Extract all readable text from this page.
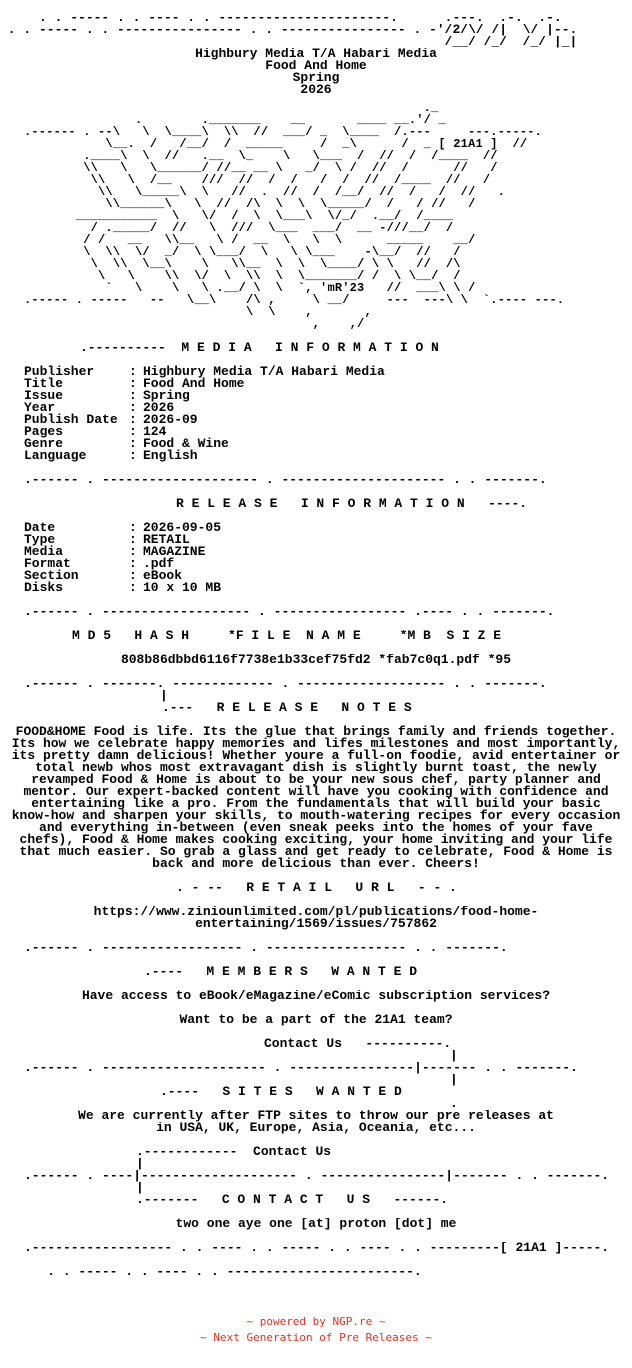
. . ----- . . ---- . . ----------------------.      .---.  .-.  .-.
. . ----- . . ---------------- . . ---------------- . -'/2/\/ /|  \/ |--.
/__/ /_/  /_/ |_|
Highbury Media T/A Habari Media
Food And Home
Spring
2026
._
.        ._______    __       ____ __.'/ _
.------ . --\   \  \____\  \\  //  ___/ _  \____  /.---     ---.-----.
\__.  /   /__/  /  _____     /  _\      /  _ [ 21A1 ]  //
.____\  \  //   .__  \_    \   \___  /  //  /  /____  //
\\   \   \______/ //__ __ \   _/  \ /  //  /      //   /
\\   \  /__    ///  //  /  /   /  /  //  /____  //   /
\\   \_____\  \   //  .  //  /  /__/  //  /   /  //   .
\\______\   \  //  /\  \  \  \_____/  /   / //   /
___________  \   \/  /  \  \___\  \/_/  .__/  /____
/ ._____/  //   \  ///  \___  ___/  __ -///__/  /
/ /   __   \\__   \ /  __  \   \  \      _____    __/
\  \\  \/  _/  \ \___/  \   \ \___    -\__/  //   /
\  \\  \__\    \   \\__  \  \  \____/ \ \   //  /\
\   \    \\  \/  \  \\  \  \_______/ /  \ \__/  /
`   \    \   \ .__/ \  \  `, 'mR'23   //  ___\ \ /
.----- . -----   --   \__\    /\ ,     \ __/     ---  ---\ \  `.---- ---.
\  \    ,       ,
,    ,/
.----------  M E D I A   I N F O R M A T I O N
Publisher	: Highbury Media T/A Habari Media
Title	: Food And Home
Issue	: Spring
Year	: 2026
Publish Date : 2026-09
Pages	: 124
Genre	: Food & Wine
Language	: English
.------ . -------------------- . --------------------- . . -------.
R E L E A S E   I N F O R M A T I O N   ----.
Date	: 2026-09-05
Type	: RETAIL
Media	: MAGAZINE
Format	: .pdf
Section	: eBook
Disks	: 10 x 10 MB
.------ . ------------------- . ----------------- .---- . . -------.
M D 5   H A S H     *F I L E  N A M E     *M B  S I Z E
808b86dbbd6116f7738e1b33cef75fd2 *fab7c0q1.pdf *95
.------ . -------. ------------- . ------------------- . . -------.
|
.---   R E L E A S E   N O T E S
FOOD&HOME Food is life. Its the glue that brings family and friends together. Its how we celebrate happy memories and lifes milestones and most importantly, its pretty damn delicious! Whether youre a full-on foodie, avid entertainer or total newb whos most extravagant dish is slightly burnt toast, the newly revamped Food & Home is about to be your new sous chef, party planner and mentor. Our expert-backed content will have you cooking with confidence and entertaining like a pro. From the fundamentals that will build your basic know-how and sharpen your skills, to mouth-watering recipes for every occasion and everything in-between (even sneak peeks into the homes of your fave chefs), Food & Home makes cooking exciting, your home inviting and your life that much easier. So grab a glass and get ready to celebrate, Food & Home is back and more delicious than ever. Cheers!
. - --   R E T A I L   U R L   - - .
https://www.ziniounlimited.com/pl/publications/food-home-
entertaining/1569/issues/757862
.------ . ------------------ . ------------------ . . -------.
.----   M E M B E R S   W A N T E D
Have access to eBook/eMagazine/eComic subscription services?
Want to be a part of the 21A1 team?
Contact Us   ----------.
|
.------ . --------------------- . ----------------|------- . . -------.
|
.----   S I T E S   W A N T E D
.
We are currently after FTP sites to throw our pre releases at
in USA, UK, Europe, Asia, Oceania, etc...
.------------  Contact Us
|
.------ . ----|-------------------- . ----------------|------- . . -------.
|
.-------   C O N T A C T   U S   ------.
two one aye one [at] proton [dot] me
.------------------ . . ---- . . ----- . . ---- . . ---------[ 21A1 ]-----.
. . ----- . . ---- . . ------------------------.
~ powered by NGP.re ~
~ Next Generation of Pre Releases ~
